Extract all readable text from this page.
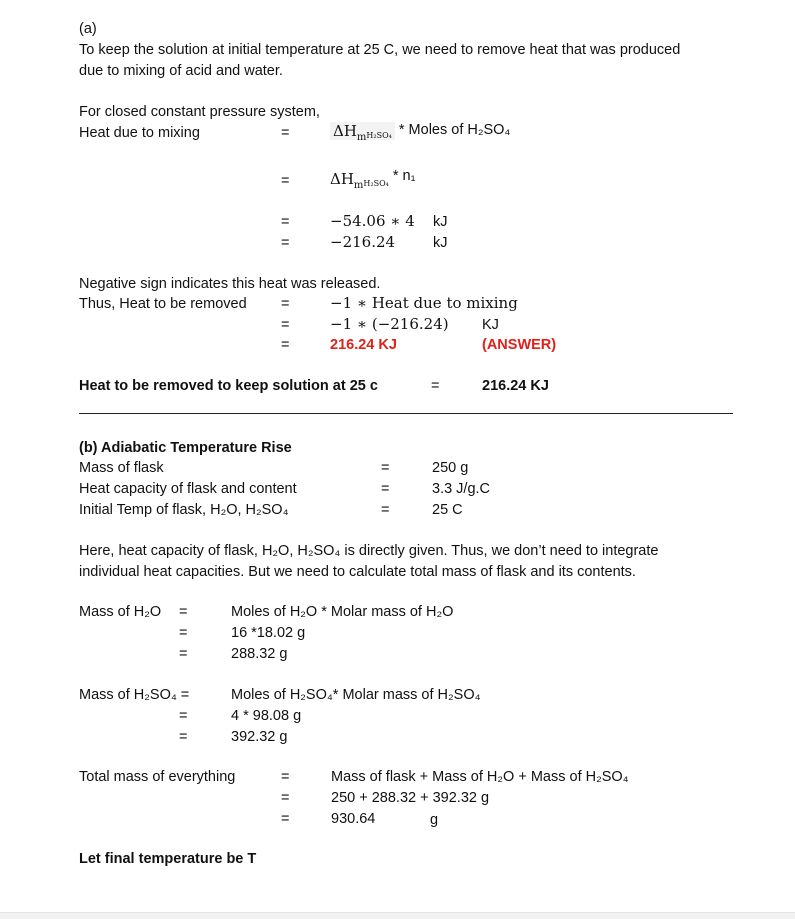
(a)
To keep the solution at initial temperature at 25 C, we need to remove heat that was produced
due to mixing of acid and water.
For closed constant pressure system,
Heat due to mixing	=	$\Delta H_mH_2SO_4$ * Moles of H₂SO₄
=	$\Delta H_mH_2SO_4 * n_1$
=	−54.06 ∗ 4 kJ
=	−216.24	kJ
Negative sign indicates this heat was released.
Thus, Heat to be removed =	−1 ∗ Heat due to mixing
=	−1 ∗ (−216.24) KJ
=	216.24 KJ	(ANSWER)
Heat to be removed to keep solution at 25 c	=	216.24 KJ
(b) Adiabatic Temperature Rise
Mass of flask	=	250 g
Heat capacity of flask and content	=	3.3 J/g.C
Initial Temp of flask, H₂O, H₂SO₄	=	25 C
Here, heat capacity of flask, H₂O, H₂SO₄ is directly given. Thus, we don’t need to integrate
individual heat capacities. But we need to calculate total mass of flask and its contents.
Mass of H₂O =	Moles of H₂O * Molar mass of H₂O
=	16 *18.02 g
=	288.32 g
Mass of H₂SO₄ =	Moles of H₂SO₄* Molar mass of H₂SO₄
=	4 * 98.08 g
=	392.32 g
Total mass of everything	=	Mass of flask + Mass of H₂O + Mass of H₂SO₄
=	250 + 288.32 + 392.32 g
=	930.64	g
Let final temperature be T
